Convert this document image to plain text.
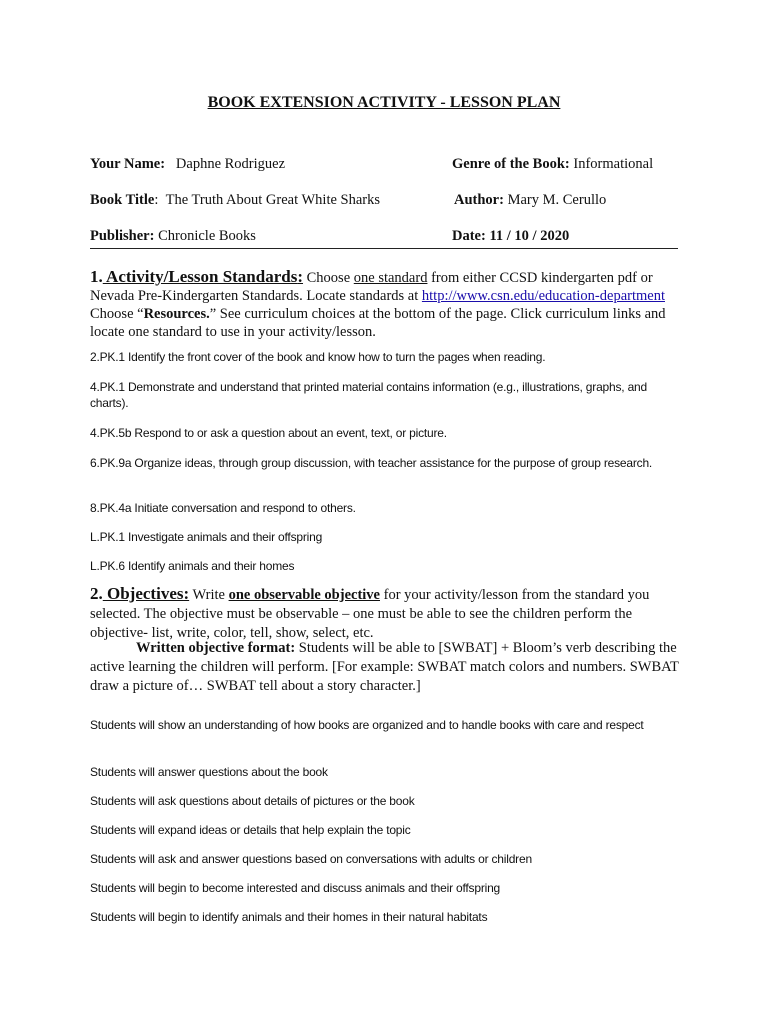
BOOK EXTENSION ACTIVITY - LESSON PLAN
Your Name: Daphne Rodriguez	Genre of the Book: Informational
Book Title: The Truth About Great White Sharks	Author: Mary M. Cerullo
Publisher: Chronicle Books	Date: 11 / 10 / 2020
1. Activity/Lesson Standards: Choose one standard from either CCSD kindergarten pdf or Nevada Pre-Kindergarten Standards. Locate standards at http://www.csn.edu/education-department Choose “Resources.” See curriculum choices at the bottom of the page. Click curriculum links and locate one standard to use in your activity/lesson.
2.PK.1 Identify the front cover of the book and know how to turn the pages when reading.
4.PK.1 Demonstrate and understand that printed material contains information (e.g., illustrations, graphs, and charts).
4.PK.5b Respond to or ask a question about an event, text, or picture.
6.PK.9a Organize ideas, through group discussion, with teacher assistance for the purpose of group research.
8.PK.4a Initiate conversation and respond to others.
L.PK.1 Investigate animals and their offspring
L.PK.6 Identify animals and their homes
2. Objectives: Write one observable objective for your activity/lesson from the standard you selected. The objective must be observable – one must be able to see the children perform the objective- list, write, color, tell, show, select, etc.
Written objective format: Students will be able to [SWBAT] + Bloom’s verb describing the active learning the children will perform. [For example: SWBAT match colors and numbers. SWBAT draw a picture of… SWBAT tell about a story character.]
Students will show an understanding of how books are organized and to handle books with care and respect
Students will answer questions about the book
Students will ask questions about details of pictures or the book
Students will expand ideas or details that help explain the topic
Students will ask and answer questions based on conversations with adults or children
Students will begin to become interested and discuss animals and their offspring
Students will begin to identify animals and their homes in their natural habitats
